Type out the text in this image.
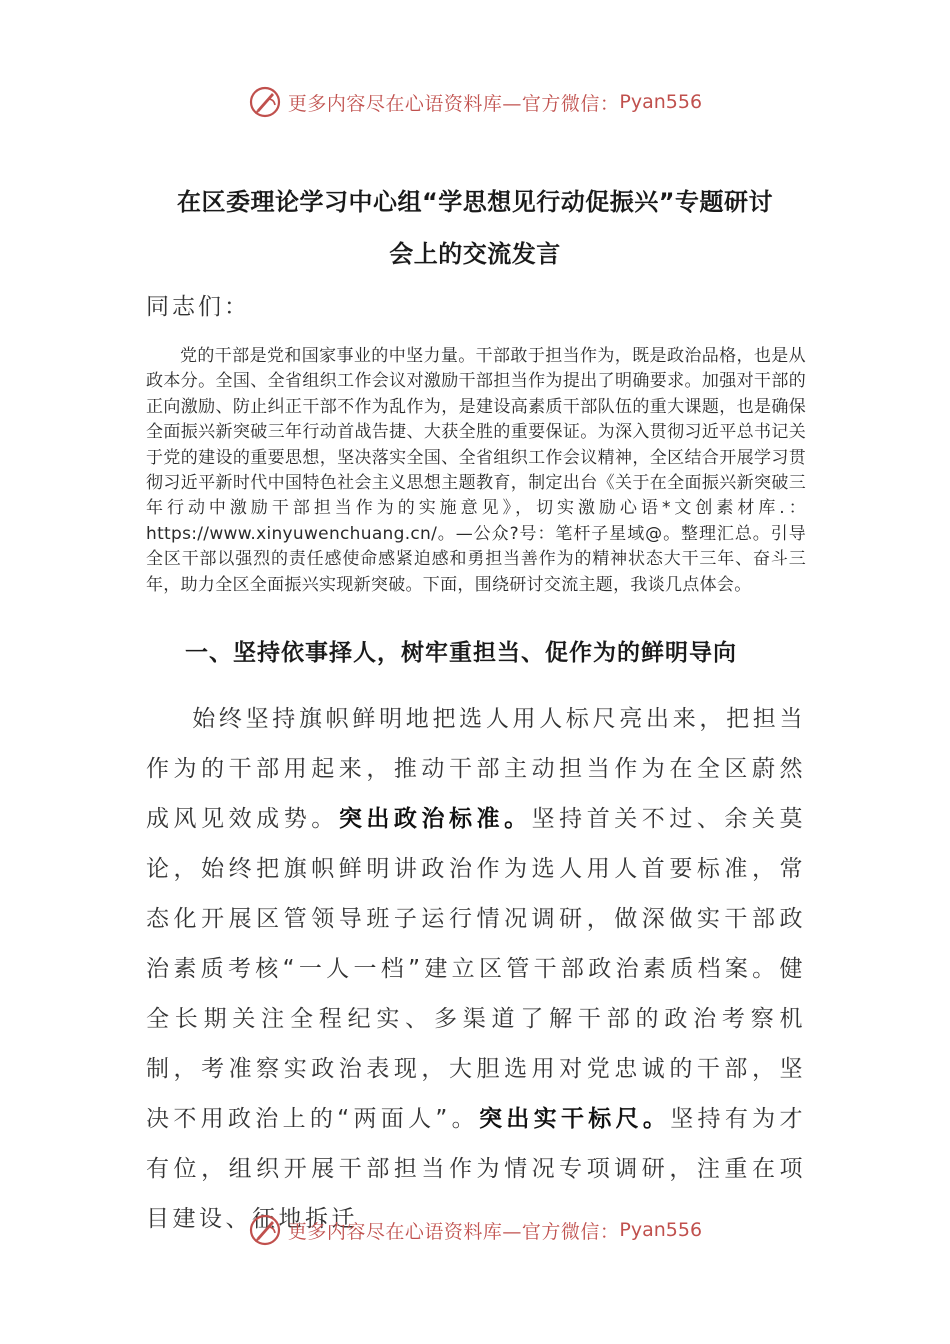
更多内容尽在心语资料库—官方微信： Pyan556
在区委理论学习中心组“学思想见行动促振兴”专题研讨
会上的交流发言
同志们：
党的干部是党和国家事业的中坚力量。干部敢于担当作为，既是政治品格，也是从政本分。全国、全省组织工作会议对激励干部担当作为提出了明确要求。加强对干部的正向激励、防止纠正干部不作为乱作为，是建设高素质干部队伍的重大课题，也是确保全面振兴新突破三年行动首战告捷、大获全胜的重要保证。为深入贯彻习近平总书记关于党的建设的重要思想，坚决落实全国、全省组织工作会议精神，全区结合开展学习贯彻习近平新时代中国特色社会主义思想主题教育，制定出台《关于在全面振兴新突破三年行动中激励干部担当作为的实施意见》，切实激励心语*文创素材库.：https://www.xinyuwenchuang.cn/。—公众?号：笔杆子星域@。整理汇总。引导全区干部以强烈的责任感使命感紧迫感和勇担当善作为的精神状态大干三年、奋斗三年，助力全区全面振兴实现新突破。下面，围绕研讨交流主题，我谈几点体会。
一、坚持依事择人，树牢重担当、促作为的鲜明导向
始终坚持旗帜鲜明地把选人用人标尺亮出来，把担当作为的干部用起来，推动干部主动担当作为在全区蔚然成风见效成势。突出政治标准。坚持首关不过、余关莫论，始终把旗帜鲜明讲政治作为选人用人首要标准，常态化开展区管领导班子运行情况调研，做深做实干部政治素质考核“一人一档”建立区管干部政治素质档案。健全长期关注全程纪实、多渠道了解干部的政治考察机制，考准察实政治表现，大胆选用对党忠诚的干部，坚决不用政治上的“两面人”。突出实干标尺。坚持有为才有位，组织开展干部担当作为情况专项调研，注重在项目建设、征地拆迁
更多内容尽在心语资料库—官方微信： Pyan556
